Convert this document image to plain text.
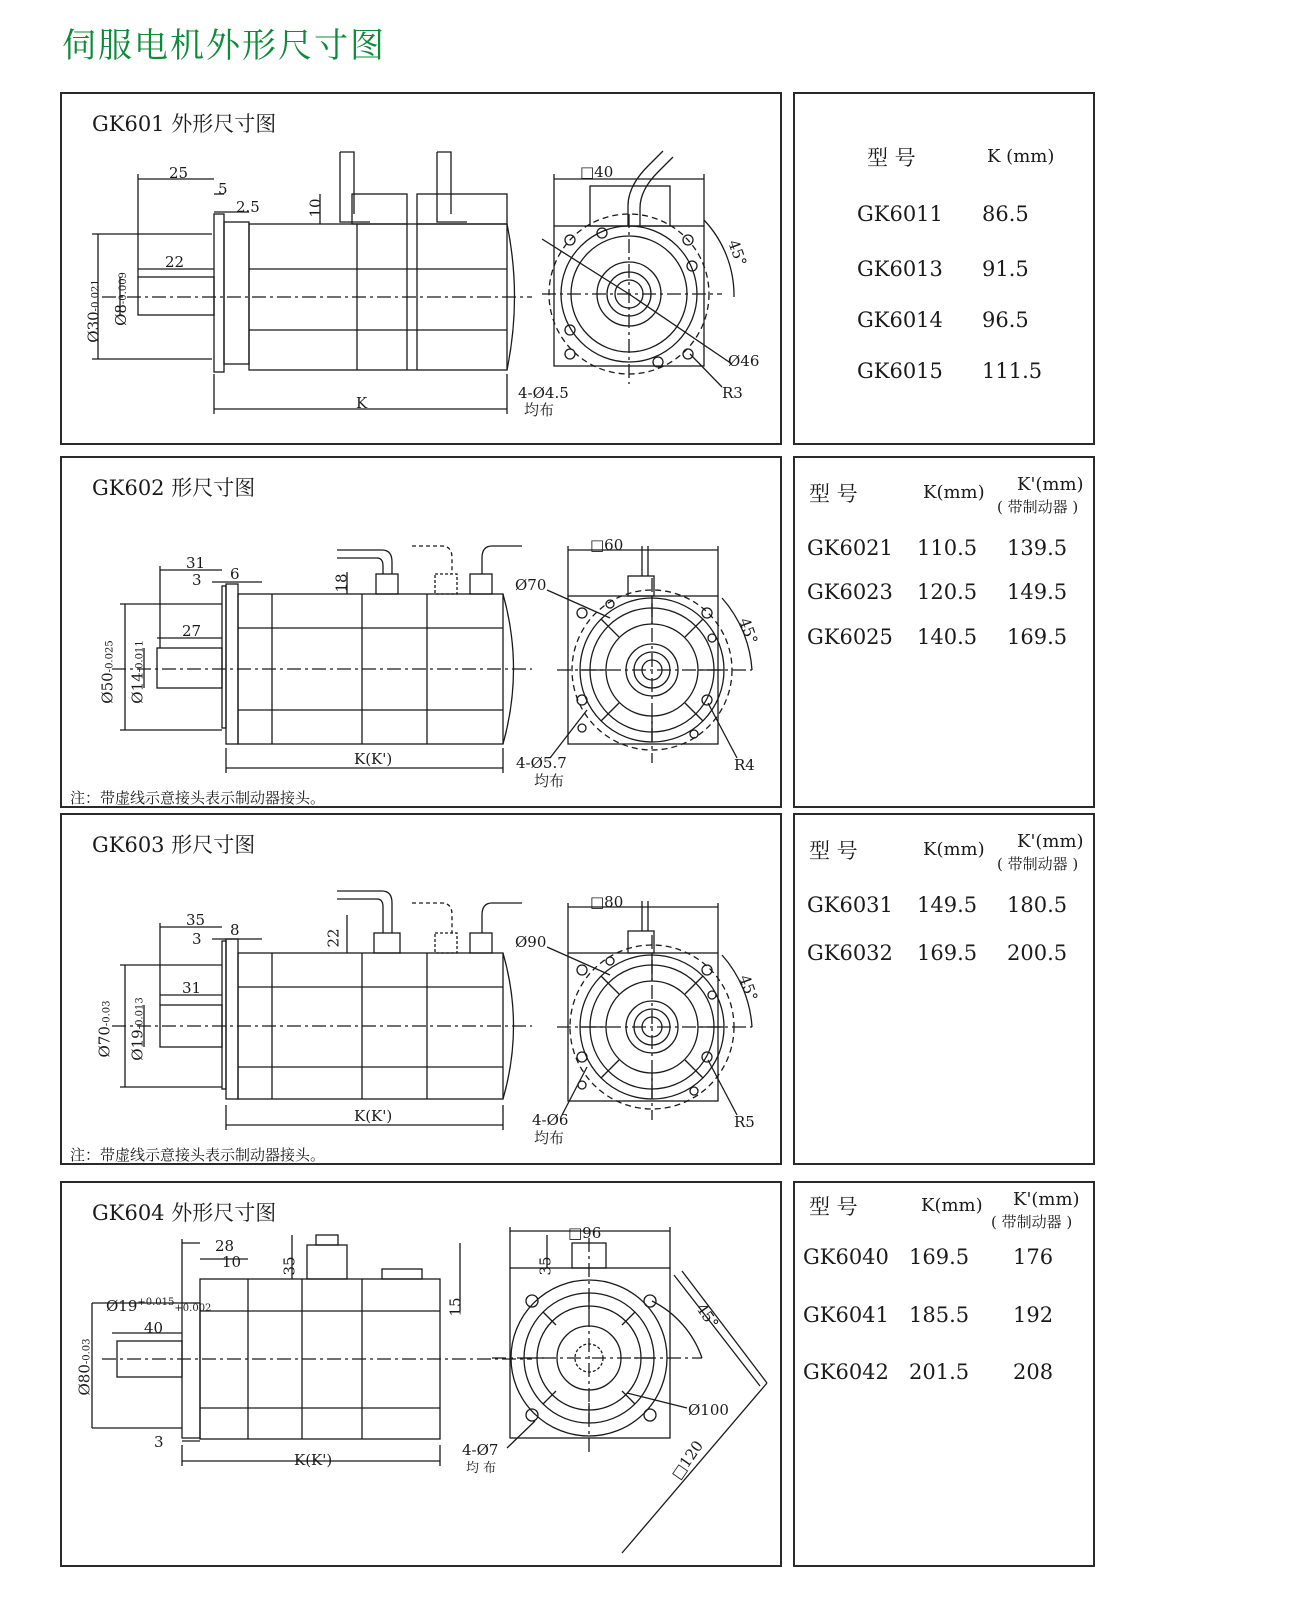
伺服电机外形尺寸图
GK601 外形尺寸图
25
5
2.5	10
22
Ø30-0.021
Ø8-0.009
K
□40
45°
Ø46
4-Ø4.5
均布
R3
型 号	K (mm)
GK6011 86.5
GK6013 91.5
GK6014 96.5
GK6015 111.5
GK602 形尺寸图
31
3 6	18
27
Ø50-0.025
Ø14-0.011
K(K')
□60
45°
Ø70
4-Ø5.7
均布
R4
注：带虚线示意接头表示制动器接头。
型 号	K(mm) K'(mm)
( 带制动器 )
GK6021 110.5 139.5
GK6023 120.5 149.5
GK6025 140.5 169.5
GK603 形尺寸图
35
3 8	22
31
Ø70-0.03
Ø19-0.013
K(K')
□80
45°
Ø90
4-Ø6
均布
R5
注：带虚线示意接头表示制动器接头。
型 号	K(mm) K'(mm)
( 带制动器 )
GK6031 149.5 180.5
GK6032 169.5 200.5
GK604 外形尺寸图
28
10
3
35
40
15
35
Ø80-0.03
$Ø19^{+0.015}+0.002$
K(K')
□96
45°
Ø100
4-Ø7
均 布	□120
型 号	K(mm) K'(mm)
( 带制动器 )
GK6040 169.5 176
GK6041 185.5 192
GK6042 201.5 208
